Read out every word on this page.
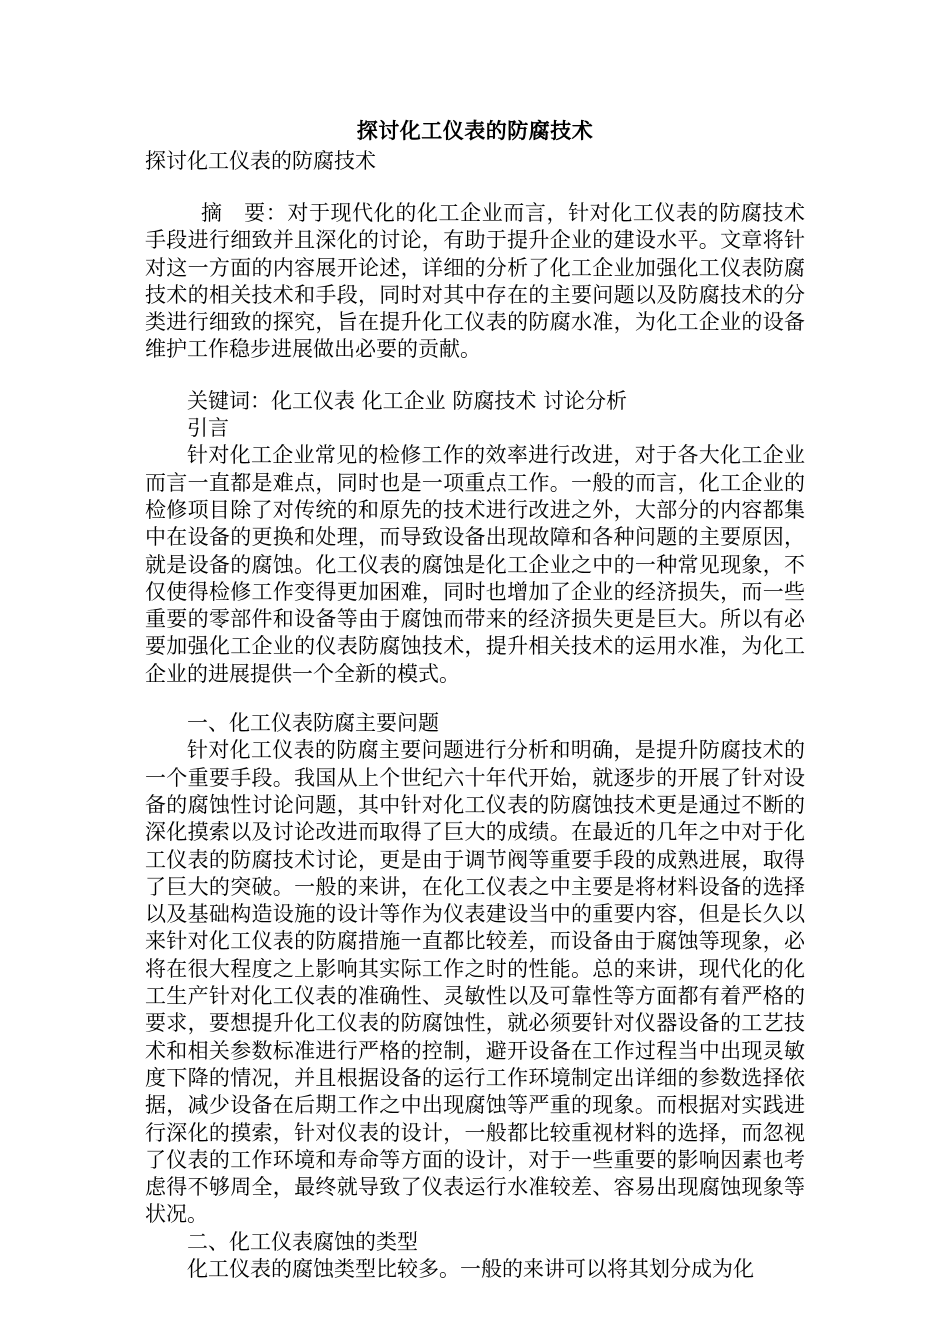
探讨化工仪表的防腐技术
探讨化工仪表的防腐技术

摘　要：对于现代化的化工企业而言，针对化工仪表的防腐技术手段进行细致并且深化的讨论，有助于提升企业的建设水平。文章将针对这一方面的内容展开论述，详细的分析了化工企业加强化工仪表防腐技术的相关技术和手段，同时对其中存在的主要问题以及防腐技术的分类进行细致的探究，旨在提升化工仪表的防腐水准，为化工企业的设备维护工作稳步进展做出必要的贡献。

关键词：化工仪表 化工企业 防腐技术 讨论分析

引言

针对化工企业常见的检修工作的效率进行改进，对于各大化工企业而言一直都是难点，同时也是一项重点工作。一般的而言，化工企业的检修项目除了对传统的和原先的技术进行改进之外，大部分的内容都集中在设备的更换和处理，而导致设备出现故障和各种问题的主要原因，就是设备的腐蚀。化工仪表的腐蚀是化工企业之中的一种常见现象，不仅使得检修工作变得更加困难，同时也增加了企业的经济损失，而一些重要的零部件和设备等由于腐蚀而带来的经济损失更是巨大。所以有必要加强化工企业的仪表防腐蚀技术，提升相关技术的运用水准，为化工企业的进展提供一个全新的模式。

一、化工仪表防腐主要问题

针对化工仪表的防腐主要问题进行分析和明确，是提升防腐技术的一个重要手段。我国从上个世纪六十年代开始，就逐步的开展了针对设备的腐蚀性讨论问题，其中针对化工仪表的防腐蚀技术更是通过不断的深化摸索以及讨论改进而取得了巨大的成绩。在最近的几年之中对于化工仪表的防腐技术讨论，更是由于调节阀等重要手段的成熟进展，取得了巨大的突破。一般的来讲，在化工仪表之中主要是将材料设备的选择以及基础构造设施的设计等作为仪表建设当中的重要内容，但是长久以来针对化工仪表的防腐措施一直都比较差，而设备由于腐蚀等现象，必将在很大程度之上影响其实际工作之时的性能。总的来讲，现代化的化工生产针对化工仪表的准确性、灵敏性以及可靠性等方面都有着严格的要求，要想提升化工仪表的防腐蚀性，就必须要针对仪器设备的工艺技术和相关参数标准进行严格的控制，避开设备在工作过程当中出现灵敏度下降的情况，并且根据设备的运行工作环境制定出详细的参数选择依据，减少设备在后期工作之中出现腐蚀等严重的现象。而根据对实践进行深化的摸索，针对仪表的设计，一般都比较重视材料的选择，而忽视了仪表的工作环境和寿命等方面的设计，对于一些重要的影响因素也考虑得不够周全，最终就导致了仪表运行水准较差、容易出现腐蚀现象等状况。

二、化工仪表腐蚀的类型

化工仪表的腐蚀类型比较多。一般的来讲可以将其划分成为化
